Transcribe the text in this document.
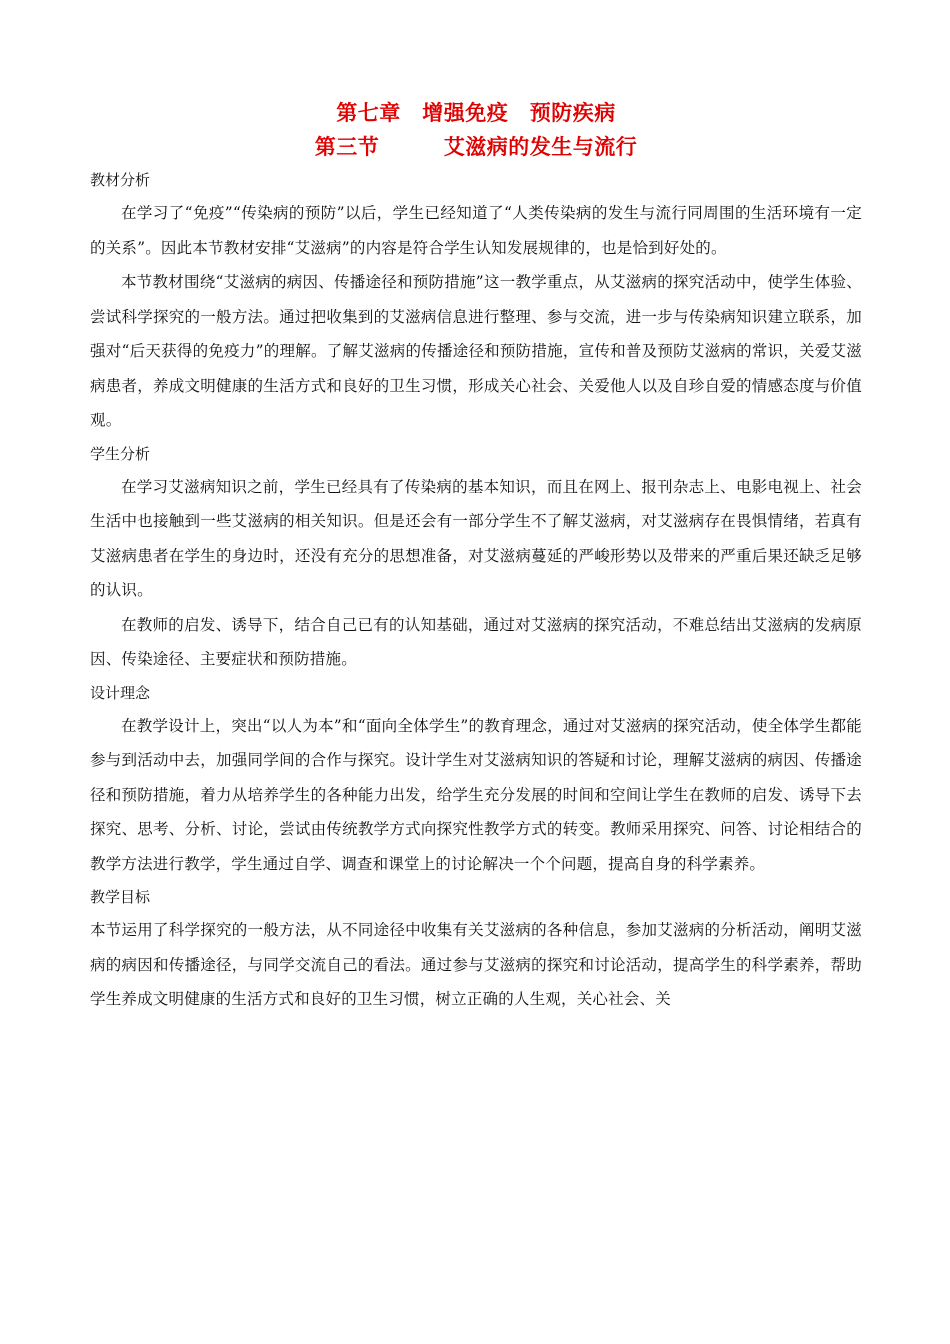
第七章　增强免疫　预防疾病
第三节　　　艾滋病的发生与流行
教材分析

在学习了“免疫”“传染病的预防”以后，学生已经知道了“人类传染病的发生与流行同周围的生活环境有一定的关系”。因此本节教材安排“艾滋病”的内容是符合学生认知发展规律的，也是恰到好处的。

本节教材围绕“艾滋病的病因、传播途径和预防措施”这一教学重点，从艾滋病的探究活动中，使学生体验、尝试科学探究的一般方法。通过把收集到的艾滋病信息进行整理、参与交流，进一步与传染病知识建立联系，加强对“后天获得的免疫力”的理解。了解艾滋病的传播途径和预防措施，宣传和普及预防艾滋病的常识，关爱艾滋病患者，养成文明健康的生活方式和良好的卫生习惯，形成关心社会、关爱他人以及自珍自爱的情感态度与价值观。

学生分析

在学习艾滋病知识之前，学生已经具有了传染病的基本知识，而且在网上、报刊杂志上、电影电视上、社会生活中也接触到一些艾滋病的相关知识。但是还会有一部分学生不了解艾滋病，对艾滋病存在畏惧情绪，若真有艾滋病患者在学生的身边时，还没有充分的思想准备，对艾滋病蔓延的严峻形势以及带来的严重后果还缺乏足够的认识。

在教师的启发、诱导下，结合自己已有的认知基础，通过对艾滋病的探究活动，不难总结出艾滋病的发病原因、传染途径、主要症状和预防措施。

设计理念

在教学设计上，突出“以人为本”和“面向全体学生”的教育理念，通过对艾滋病的探究活动，使全体学生都能参与到活动中去，加强同学间的合作与探究。设计学生对艾滋病知识的答疑和讨论，理解艾滋病的病因、传播途径和预防措施，着力从培养学生的各种能力出发，给学生充分发展的时间和空间让学生在教师的启发、诱导下去探究、思考、分析、讨论，尝试由传统教学方式向探究性教学方式的转变。教师采用探究、问答、讨论相结合的教学方法进行教学，学生通过自学、调查和课堂上的讨论解决一个个问题，提高自身的科学素养。

教学目标

本节运用了科学探究的一般方法，从不同途径中收集有关艾滋病的各种信息，参加艾滋病的分析活动，阐明艾滋病的病因和传播途径，与同学交流自己的看法。通过参与艾滋病的探究和讨论活动，提高学生的科学素养，帮助学生养成文明健康的生活方式和良好的卫生习惯，树立正确的人生观，关心社会、关
